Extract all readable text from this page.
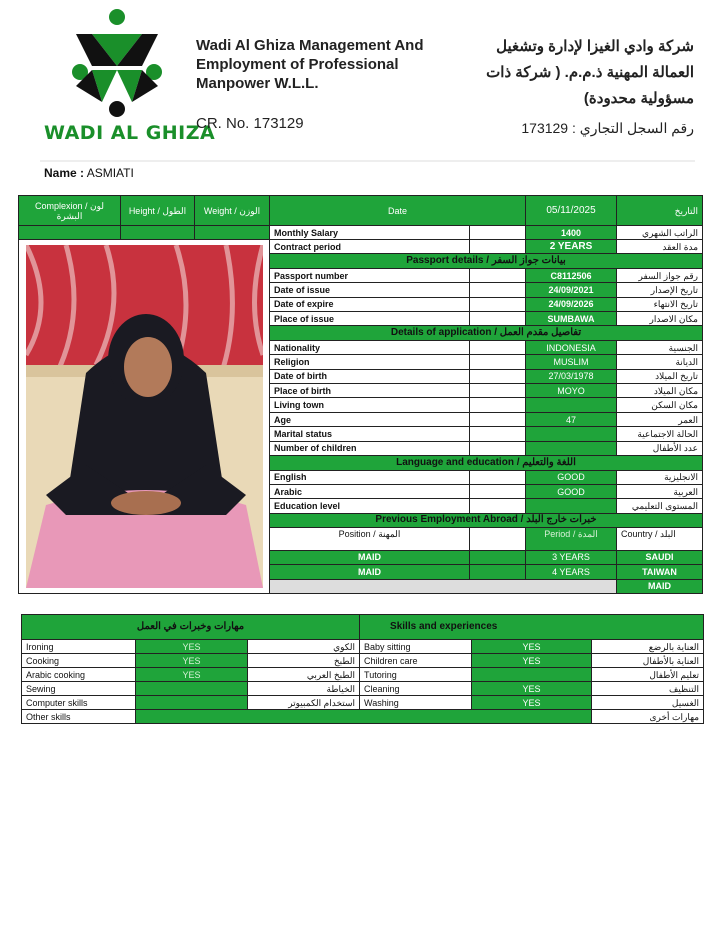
WADI AL GHIZA
Wadi Al Ghiza Management And Employment of Professional Manpower W.L.L.
CR. No. 173129
شركة وادي الغيزا لإدارة وتشغيل العمالة المهنية ذ.م.م. ( شركة ذات مسؤولية محدودة)
رقم السجل التجاري : 173129
Name : ASMIATI
Complexion / لون البشرة	Height / الطول	Weight / الوزن	Date		05/11/2025	التاريخ	
			Monthly Salary		1400	الراتب الشهري	

	Contract period		2 YEARS	مدة العقد	
			Passport details / بيانات جواز السفر				
			Passport number		C8112506	رقم جواز السفر	
			Date of issue		24/09/2021	تاريخ الإصدار	
			Date of expire		24/09/2026	تاريخ الانتهاء	
			Place of issue		SUMBAWA	مكان الاصدار	
			Details of application / تفاصيل مقدم العمل				
			Nationality		INDONESIA	الجنسية	
			Religion		MUSLIM	الديانة	
			Date of birth		27/03/1978	تاريخ الميلاد	
			Place of birth		MOYO	مكان الميلاد	
			Living town			مكان السكن	
			Age		47	العمر	
			Marital status			الحالة الاجتماعية	
			Number of children			عدد الأطفال	
			Language and education / اللغة والتعليم				
			English		GOOD	الانجليزية	
			Arabic		GOOD	العربية	
			Education level			المستوى التعليمي	
			Previous Employment Abroad / خبرات خارج البلد				
			Position / المهنة		Period / المدة	Country / البلد	
			MAID		3 YEARS	SAUDI	
			MAID		4 YEARS	TAIWAN	
						MAID			
مهارات وخبرات في العمل			Skills and experiences		
Ironing	YES	الكوي	Baby sitting	YES	العناية بالرضع
Cooking	YES	الطبخ	Children care	YES	العناية بالأطفال
Arabic cooking	YES	الطبخ العربي	Tutoring		تعليم الأطفال
Sewing		الخياطة	Cleaning	YES	التنظيف
Computer skills		استخدام الكمبيوتر	Washing	YES	الغسيل
Other skills					مهارات أخرى
